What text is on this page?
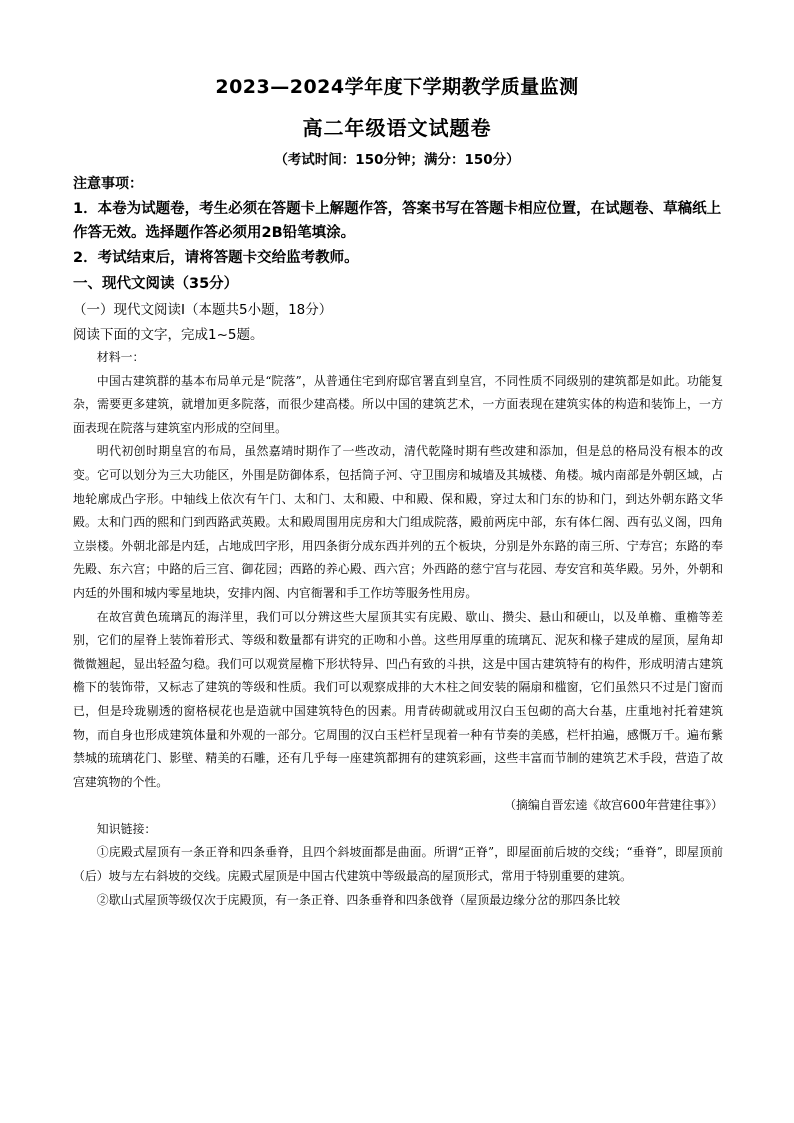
2023—2024学年度下学期教学质量监测
高二年级语文试题卷
（考试时间：150分钟；满分：150分）
注意事项：
1．本卷为试题卷，考生必须在答题卡上解题作答，答案书写在答题卡相应位置，在试题卷、草稿纸上作答无效。选择题作答必须用2B铅笔填涂。
2．考试结束后，请将答题卡交给监考教师。
一、现代文阅读（35分）
（一）现代文阅读Ⅰ（本题共5小题，18分）
阅读下面的文字，完成1~5题。

材料一：

中国古建筑群的基本布局单元是“院落”，从普通住宅到府邸官署直到皇宫，不同性质不同级别的建筑都是如此。功能复杂，需要更多建筑，就增加更多院落，而很少建高楼。所以中国的建筑艺术，一方面表现在建筑实体的构造和装饰上，一方面表现在院落与建筑室内形成的空间里。

明代初创时期皇宫的布局，虽然嘉靖时期作了一些改动，清代乾隆时期有些改建和添加，但是总的格局没有根本的改变。它可以划分为三大功能区，外围是防御体系，包括筒子河、守卫围房和城墙及其城楼、角楼。城内南部是外朝区域，占地轮廓成凸字形。中轴线上依次有午门、太和门、太和殿、中和殿、保和殿，穿过太和门东的协和门，到达外朝东路文华殿。太和门西的熙和门到西路武英殿。太和殿周围用庑房和大门组成院落，殿前两庑中部，东有体仁阁、西有弘义阁，四角立崇楼。外朝北部是内廷，占地成凹字形，用四条街分成东西并列的五个板块，分别是外东路的南三所、宁寿宫；东路的奉先殿、东六宫；中路的后三宫、御花园；西路的养心殿、西六宫；外西路的慈宁宫与花园、寿安宫和英华殿。另外，外朝和内廷的外围和城内零星地块，安排内阁、内官衙署和手工作坊等服务性用房。

在故宫黄色琉璃瓦的海洋里，我们可以分辨这些大屋顶其实有庑殿、歇山、攒尖、悬山和硬山，以及单檐、重檐等差别，它们的屋脊上装饰着形式、等级和数量都有讲究的正吻和小兽。这些用厚重的琉璃瓦、泥灰和椽子建成的屋顶，屋角却微微翘起，显出轻盈匀稳。我们可以观赏屋檐下形状特异、凹凸有致的斗拱，这是中国古建筑特有的构件，形成明清古建筑檐下的装饰带，又标志了建筑的等级和性质。我们可以观察成排的大木柱之间安装的隔扇和槛窗，它们虽然只不过是门窗而已，但是玲珑剔透的窗格棂花也是造就中国建筑特色的因素。用青砖砌就或用汉白玉包砌的高大台基，庄重地衬托着建筑物，而自身也形成建筑体量和外观的一部分。它周围的汉白玉栏杆呈现着一种有节奏的美感，栏杆拍遍，感慨万千。遍布紫禁城的琉璃花门、影壁、精美的石雕，还有几乎每一座建筑都拥有的建筑彩画，这些丰富而节制的建筑艺术手段，营造了故宫建筑物的个性。

（摘编自晋宏逵《故宫600年营建往事》）

知识链接：

①庑殿式屋顶有一条正脊和四条垂脊，且四个斜坡面都是曲面。所谓“正脊”，即屋面前后坡的交线；“垂脊”，即屋顶前（后）坡与左右斜坡的交线。庑殿式屋顶是中国古代建筑中等级最高的屋顶形式，常用于特别重要的建筑。

②歇山式屋顶等级仅次于庑殿顶，有一条正脊、四条垂脊和四条戗脊（屋顶最边缘分岔的那四条比较
